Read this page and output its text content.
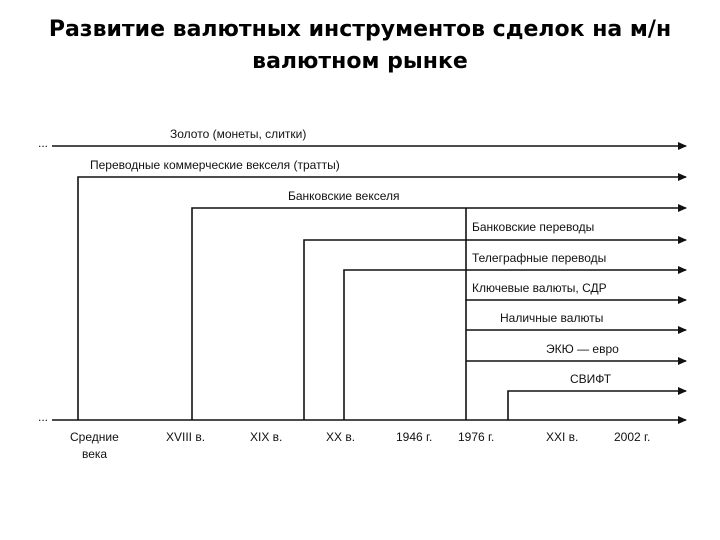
Развитие валютных инструментов сделок на м/н
валютном рынке
...
...
Золото (монеты, слитки)
Переводные коммерческие векселя (тратты)
Банковские векселя
Банковские переводы
Телеграфные переводы
Ключевые валюты, СДР
Наличные валюты
ЭКЮ — евро
СВИФТ
Средние
века
XVIII в.	XIX в.	XX в.	1946 г. 1976 г.	XXI в.	2002 г.
